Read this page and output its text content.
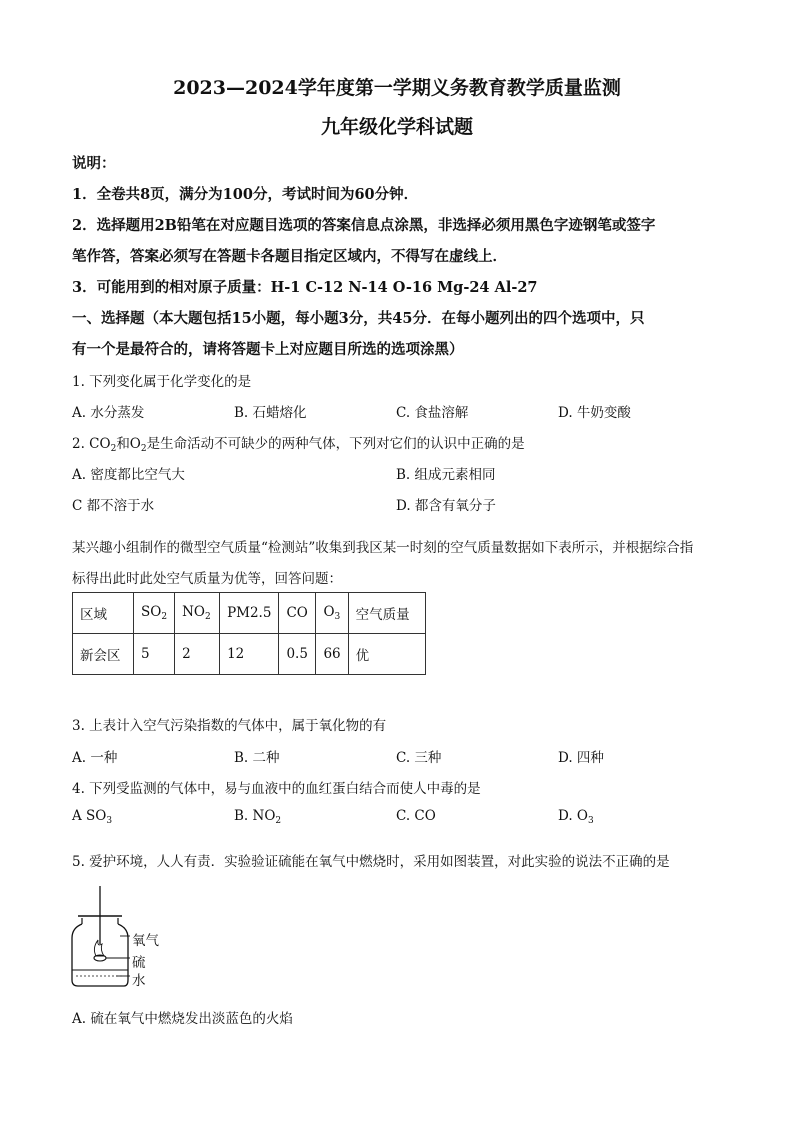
2023—2024学年度第一学期义务教育教学质量监测
九年级化学科试题
说明：
1．全卷共8页，满分为100分，考试时间为60分钟．
2．选择题用2B铅笔在对应题目选项的答案信息点涂黑，非选择必须用黑色字迹钢笔或签字
笔作答，答案必须写在答题卡各题目指定区域内，不得写在虚线上．
3．可能用到的相对原子质量：H-1 C-12 N-14 O-16 Mg-24 Al-27
一、选择题（本大题包括15小题，每小题3分，共45分．在每小题列出的四个选项中，只
有一个是最符合的，请将答题卡上对应题目所选的选项涂黑）
1. 下列变化属于化学变化的是
A. 水分蒸发	B. 石蜡熔化	C. 食盐溶解	D. 牛奶变酸
2. $CO_2$和$O_2$是生命活动不可缺少的两种气体，下列对它们的认识中正确的是
A. 密度都比空气大	B. 组成元素相同
C 都不溶于水	D. 都含有氧分子
某兴趣小组制作的微型空气质量“检测站”收集到我区某一时刻的空气质量数据如下表所示，并根据综合指
标得出此时此处空气质量为优等，回答问题：
区域	$SO_2$	$NO_2$	PM2.5	CO	$O_3$	空气质量
新会区	5	2	12	0.5	66	优
3. 上表计入空气污染指数的气体中，属于氧化物的有
A. 一种	B. 二种	C. 三种	D. 四种
4. 下列受监测的气体中，易与血液中的血红蛋白结合而使人中毒的是
A $SO_3$	B. $NO_2$	C. CO	D. $O_3$
5. 爱护环境，人人有责．实验验证硫能在氧气中燃烧时，采用如图装置，对此实验的说法不正确的是
氧气
硫
水
A. 硫在氧气中燃烧发出淡蓝色的火焰
